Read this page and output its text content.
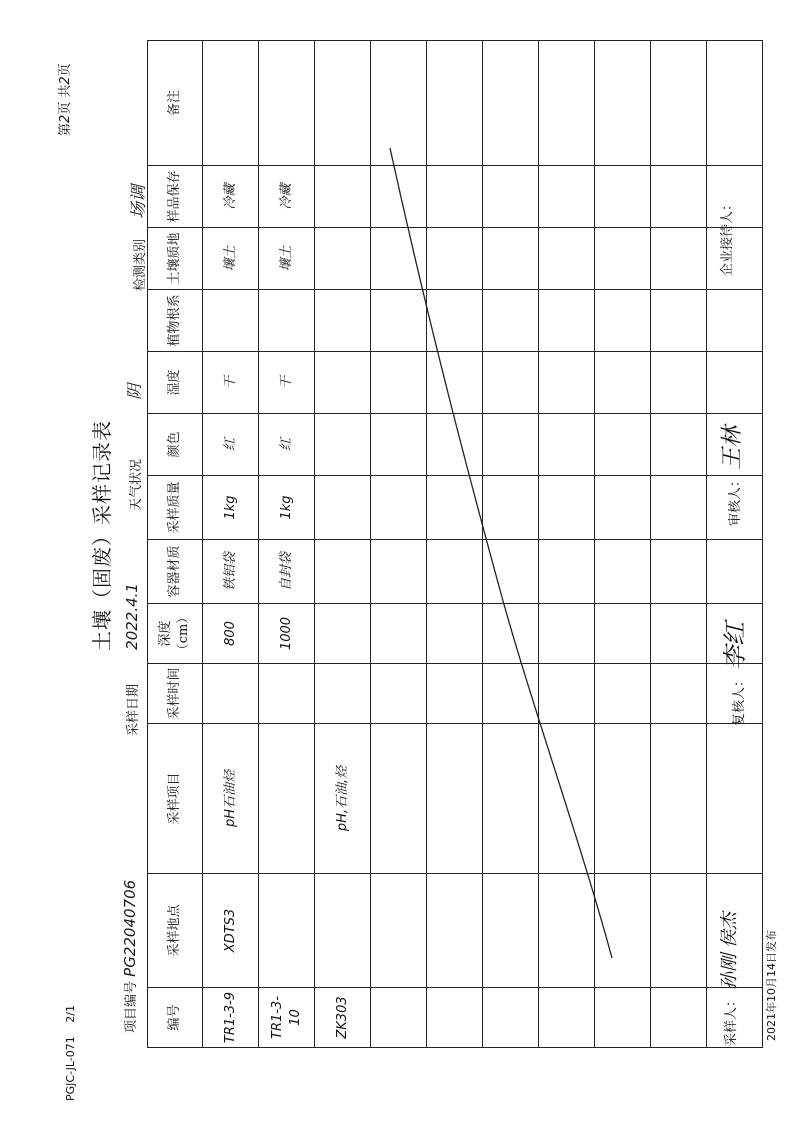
PGJC-JL-071 2/1
第2页 共2页
土壤（固废）采样记录表
项目编号 PG22040706
采样日期 2022.4.1
天气状况 阴
检测类别 场调
编号	采样地点	采样项目	采样时间	深度（cm）	容器材质	采样质量	颜色	湿度	植物根系	土壤质地	样品保存	备注
TR1-3-9	XDTS3	pH石油烃		800	铁铝袋	1kg	红	干		壤土	冷藏	
TR1-3-10				1000	自封袋	1kg	红	干		壤土	冷藏	
ZK303		pH,石油,烃										

采样人： 孙刚 侯杰
复核人： 李红
审核人： 王林
企业接待人：
2021年10月14日发布
